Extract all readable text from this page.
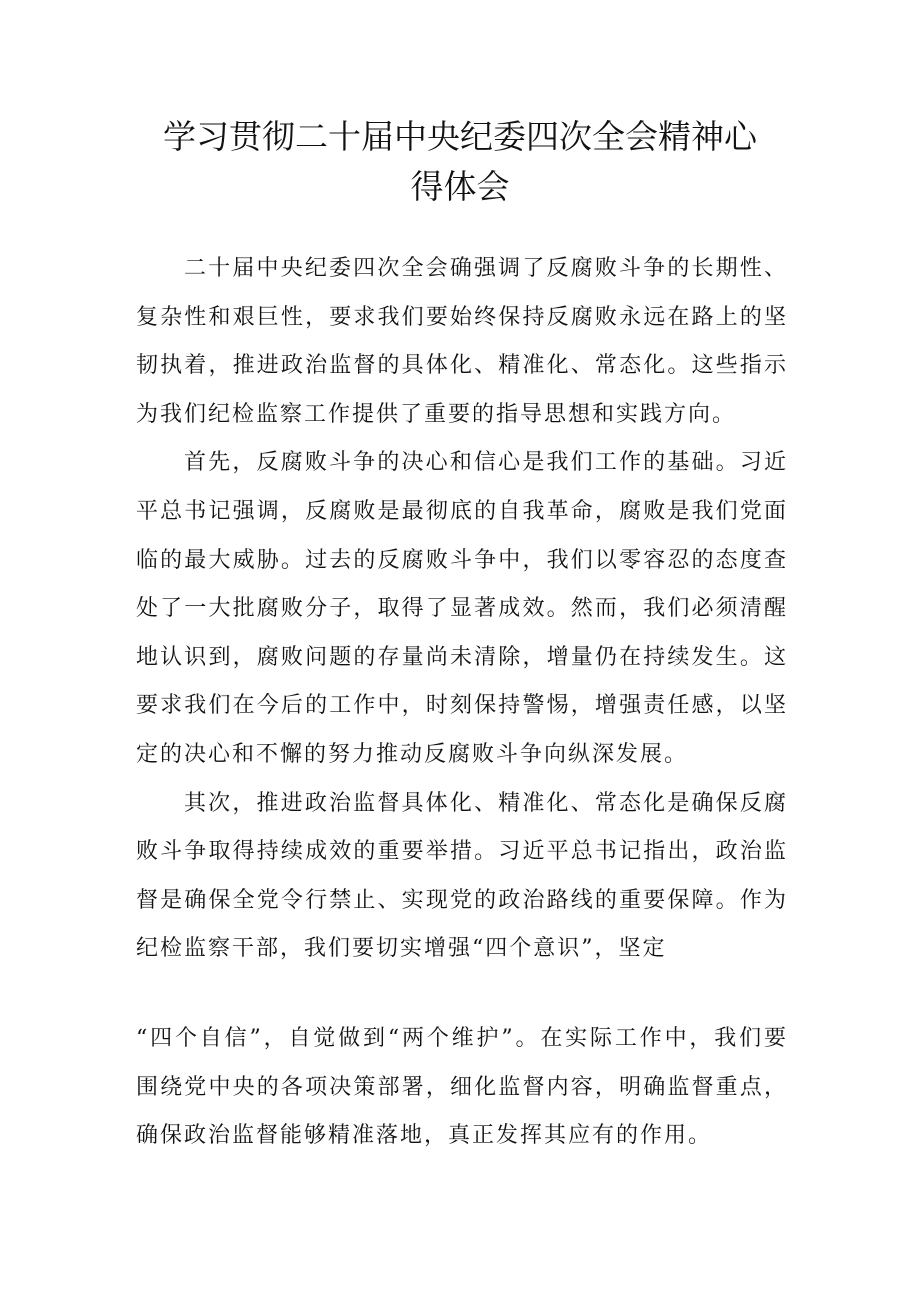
学习贯彻二十届中央纪委四次全会精神心
得体会

二十届中央纪委四次全会确强调了反腐败斗争的长期性、复杂性和艰巨性，要求我们要始终保持反腐败永远在路上的坚韧执着，推进政治监督的具体化、精准化、常态化。这些指示为我们纪检监察工作提供了重要的指导思想和实践方向。

首先，反腐败斗争的决心和信心是我们工作的基础。习近平总书记强调，反腐败是最彻底的自我革命，腐败是我们党面临的最大威胁。过去的反腐败斗争中，我们以零容忍的态度查处了一大批腐败分子，取得了显著成效。然而，我们必须清醒地认识到，腐败问题的存量尚未清除，增量仍在持续发生。这要求我们在今后的工作中，时刻保持警惕，增强责任感，以坚定的决心和不懈的努力推动反腐败斗争向纵深发展。

其次，推进政治监督具体化、精准化、常态化是确保反腐败斗争取得持续成效的重要举措。习近平总书记指出，政治监督是确保全党令行禁止、实现党的政治路线的重要保障。作为纪检监察干部，我们要切实增强“四个意识”，坚定

“四个自信”，自觉做到“两个维护”。在实际工作中，我们要围绕党中央的各项决策部署，细化监督内容，明确监督重点，确保政治监督能够精准落地，真正发挥其应有的作用。
